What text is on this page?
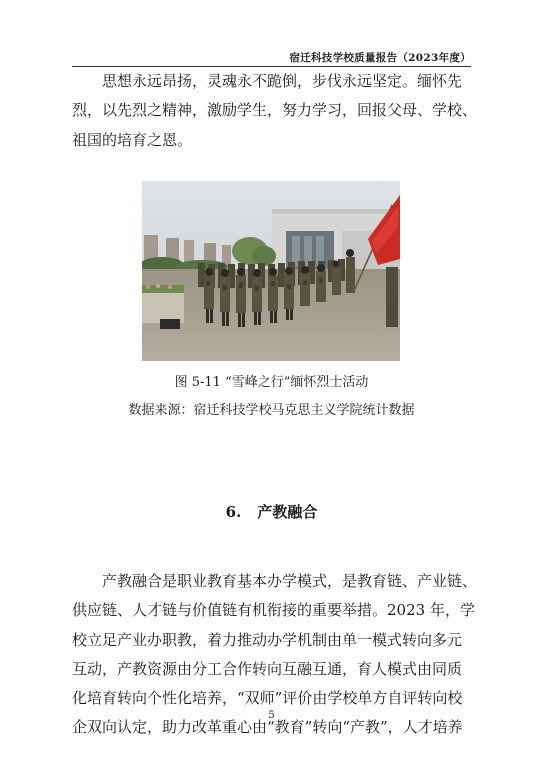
宿迁科技学校质量报告（2023年度）

思想永远昂扬，灵魂永不跪倒，步伐永远坚定。缅怀先
烈，以先烈之精神，激励学生，努力学习，回报父母、学校、
祖国的培育之恩。

图 5-11 “雪峰之行”缅怀烈士活动
数据来源：宿迁科技学校马克思主义学院统计数据
6. 产教融合

产教融合是职业教育基本办学模式，是教育链、产业链、
供应链、人才链与价值链有机衔接的重要举措。2023 年，学
校立足产业办职教，着力推动办学机制由单一模式转向多元
互动，产教资源由分工合作转向互融互通，育人模式由同质
化培育转向个性化培养，“双师”评价由学校单方自评转向校
企双向认定，助力改革重心由“教育”转向“产教”，人才培养

5
